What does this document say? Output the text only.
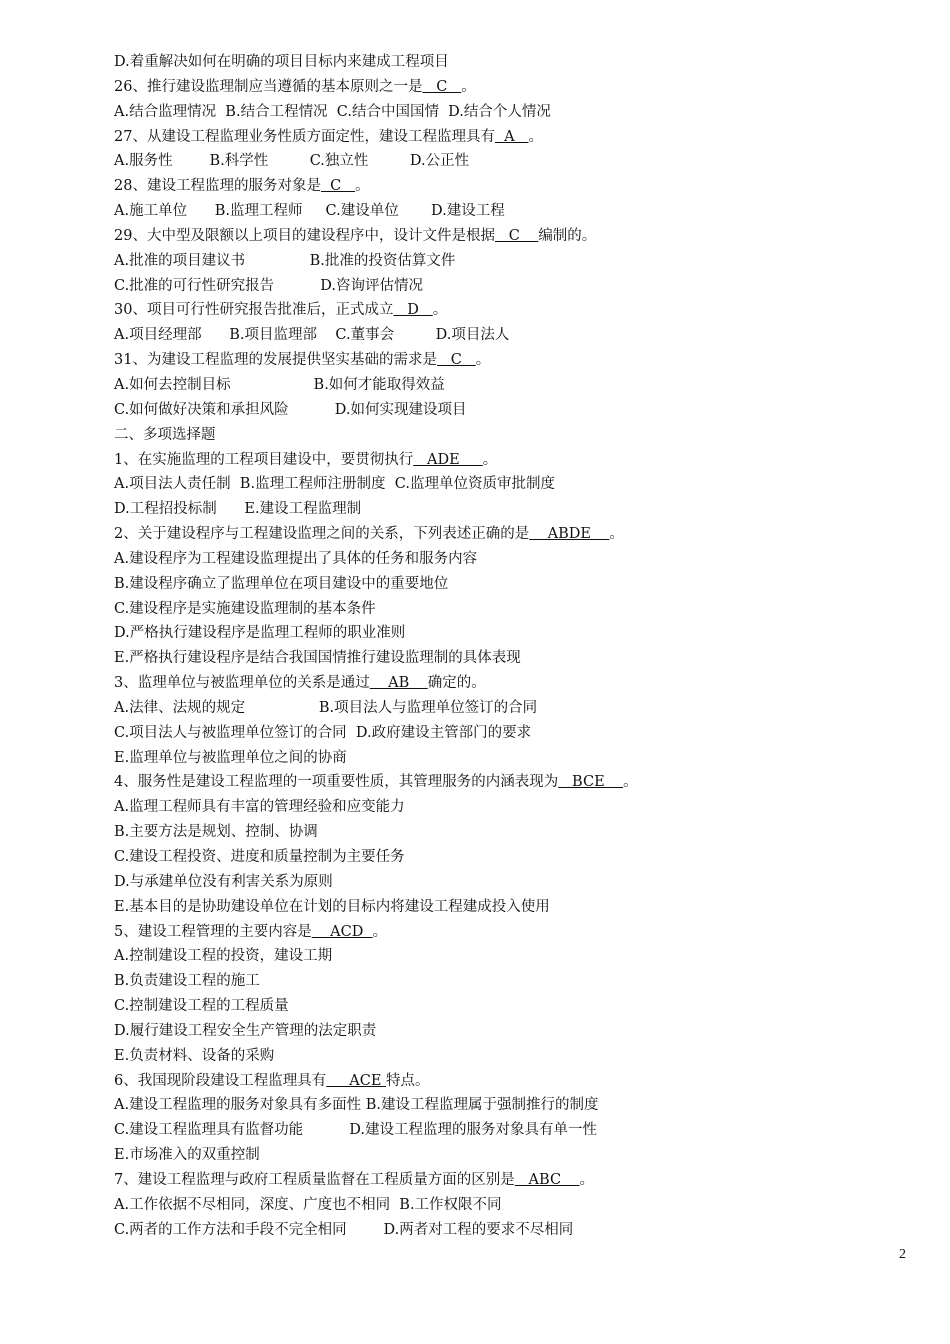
D.着重解决如何在明确的项目目标内来建成工程项目
26、推行建设监理制应当遵循的基本原则之一是   C   。
A.结合监理情况  B.结合工程情况  C.结合中国国情  D.结合个人情况
27、从建设工程监理业务性质方面定性，建设工程监理具有  A   。
A.服务性        B.科学性         C.独立性         D.公正性
28、建设工程监理的服务对象是  C   。
A.施工单位      B.监理工程师     C.建设单位       D.建设工程
29、大中型及限额以上项目的建设程序中，设计文件是根据   C    编制的。
A.批准的项目建议书              B.批准的投资估算文件
C.批准的可行性研究报告          D.咨询评估情况
30、项目可行性研究报告批准后，正式成立   D   。
A.项目经理部      B.项目监理部    C.董事会         D.项目法人
31、为建设工程监理的发展提供坚实基础的需求是   C   。
A.如何去控制目标                  B.如何才能取得效益
C.如何做好决策和承担风险          D.如何实现建设项目
二、多项选择题
1、在实施监理的工程项目建设中，要贯彻执行   ADE     。
A.项目法人责任制  B.监理工程师注册制度  C.监理单位资质审批制度
D.工程招投标制      E.建设工程监理制
2、关于建设程序与工程建设监理之间的关系，下列表述正确的是    ABDE    。
A.建设程序为工程建设监理提出了具体的任务和服务内容
B.建设程序确立了监理单位在项目建设中的重要地位
C.建设程序是实施建设监理制的基本条件
D.严格执行建设程序是监理工程师的职业准则
E.严格执行建设程序是结合我国国情推行建设监理制的具体表现
3、监理单位与被监理单位的关系是通过    AB    确定的。
A.法律、法规的规定                B.项目法人与监理单位签订的合同
C.项目法人与被监理单位签订的合同  D.政府建设主管部门的要求
E.监理单位与被监理单位之间的协商
4、服务性是建设工程监理的一项重要性质，其管理服务的内涵表现为   BCE    。
A.监理工程师具有丰富的管理经验和应变能力
B.主要方法是规划、控制、协调
C.建设工程投资、进度和质量控制为主要任务
D.与承建单位没有利害关系为原则
E.基本目的是协助建设单位在计划的目标内将建设工程建成投入使用
5、建设工程管理的主要内容是    ACD  。
A.控制建设工程的投资，建设工期
B.负责建设工程的施工
C.控制建设工程的工程质量
D.履行建设工程安全生产管理的法定职责
E.负责材料、设备的采购
6、我国现阶段建设工程监理具有     ACE 特点。
A.建设工程监理的服务对象具有多面性 B.建设工程监理属于强制推行的制度
C.建设工程监理具有监督功能          D.建设工程监理的服务对象具有单一性
E.市场准入的双重控制
7、建设工程监理与政府工程质量监督在工程质量方面的区别是   ABC    。
A.工作依据不尽相同，深度、广度也不相同  B.工作权限不同
C.两者的工作方法和手段不完全相同        D.两者对工程的要求不尽相同
2
